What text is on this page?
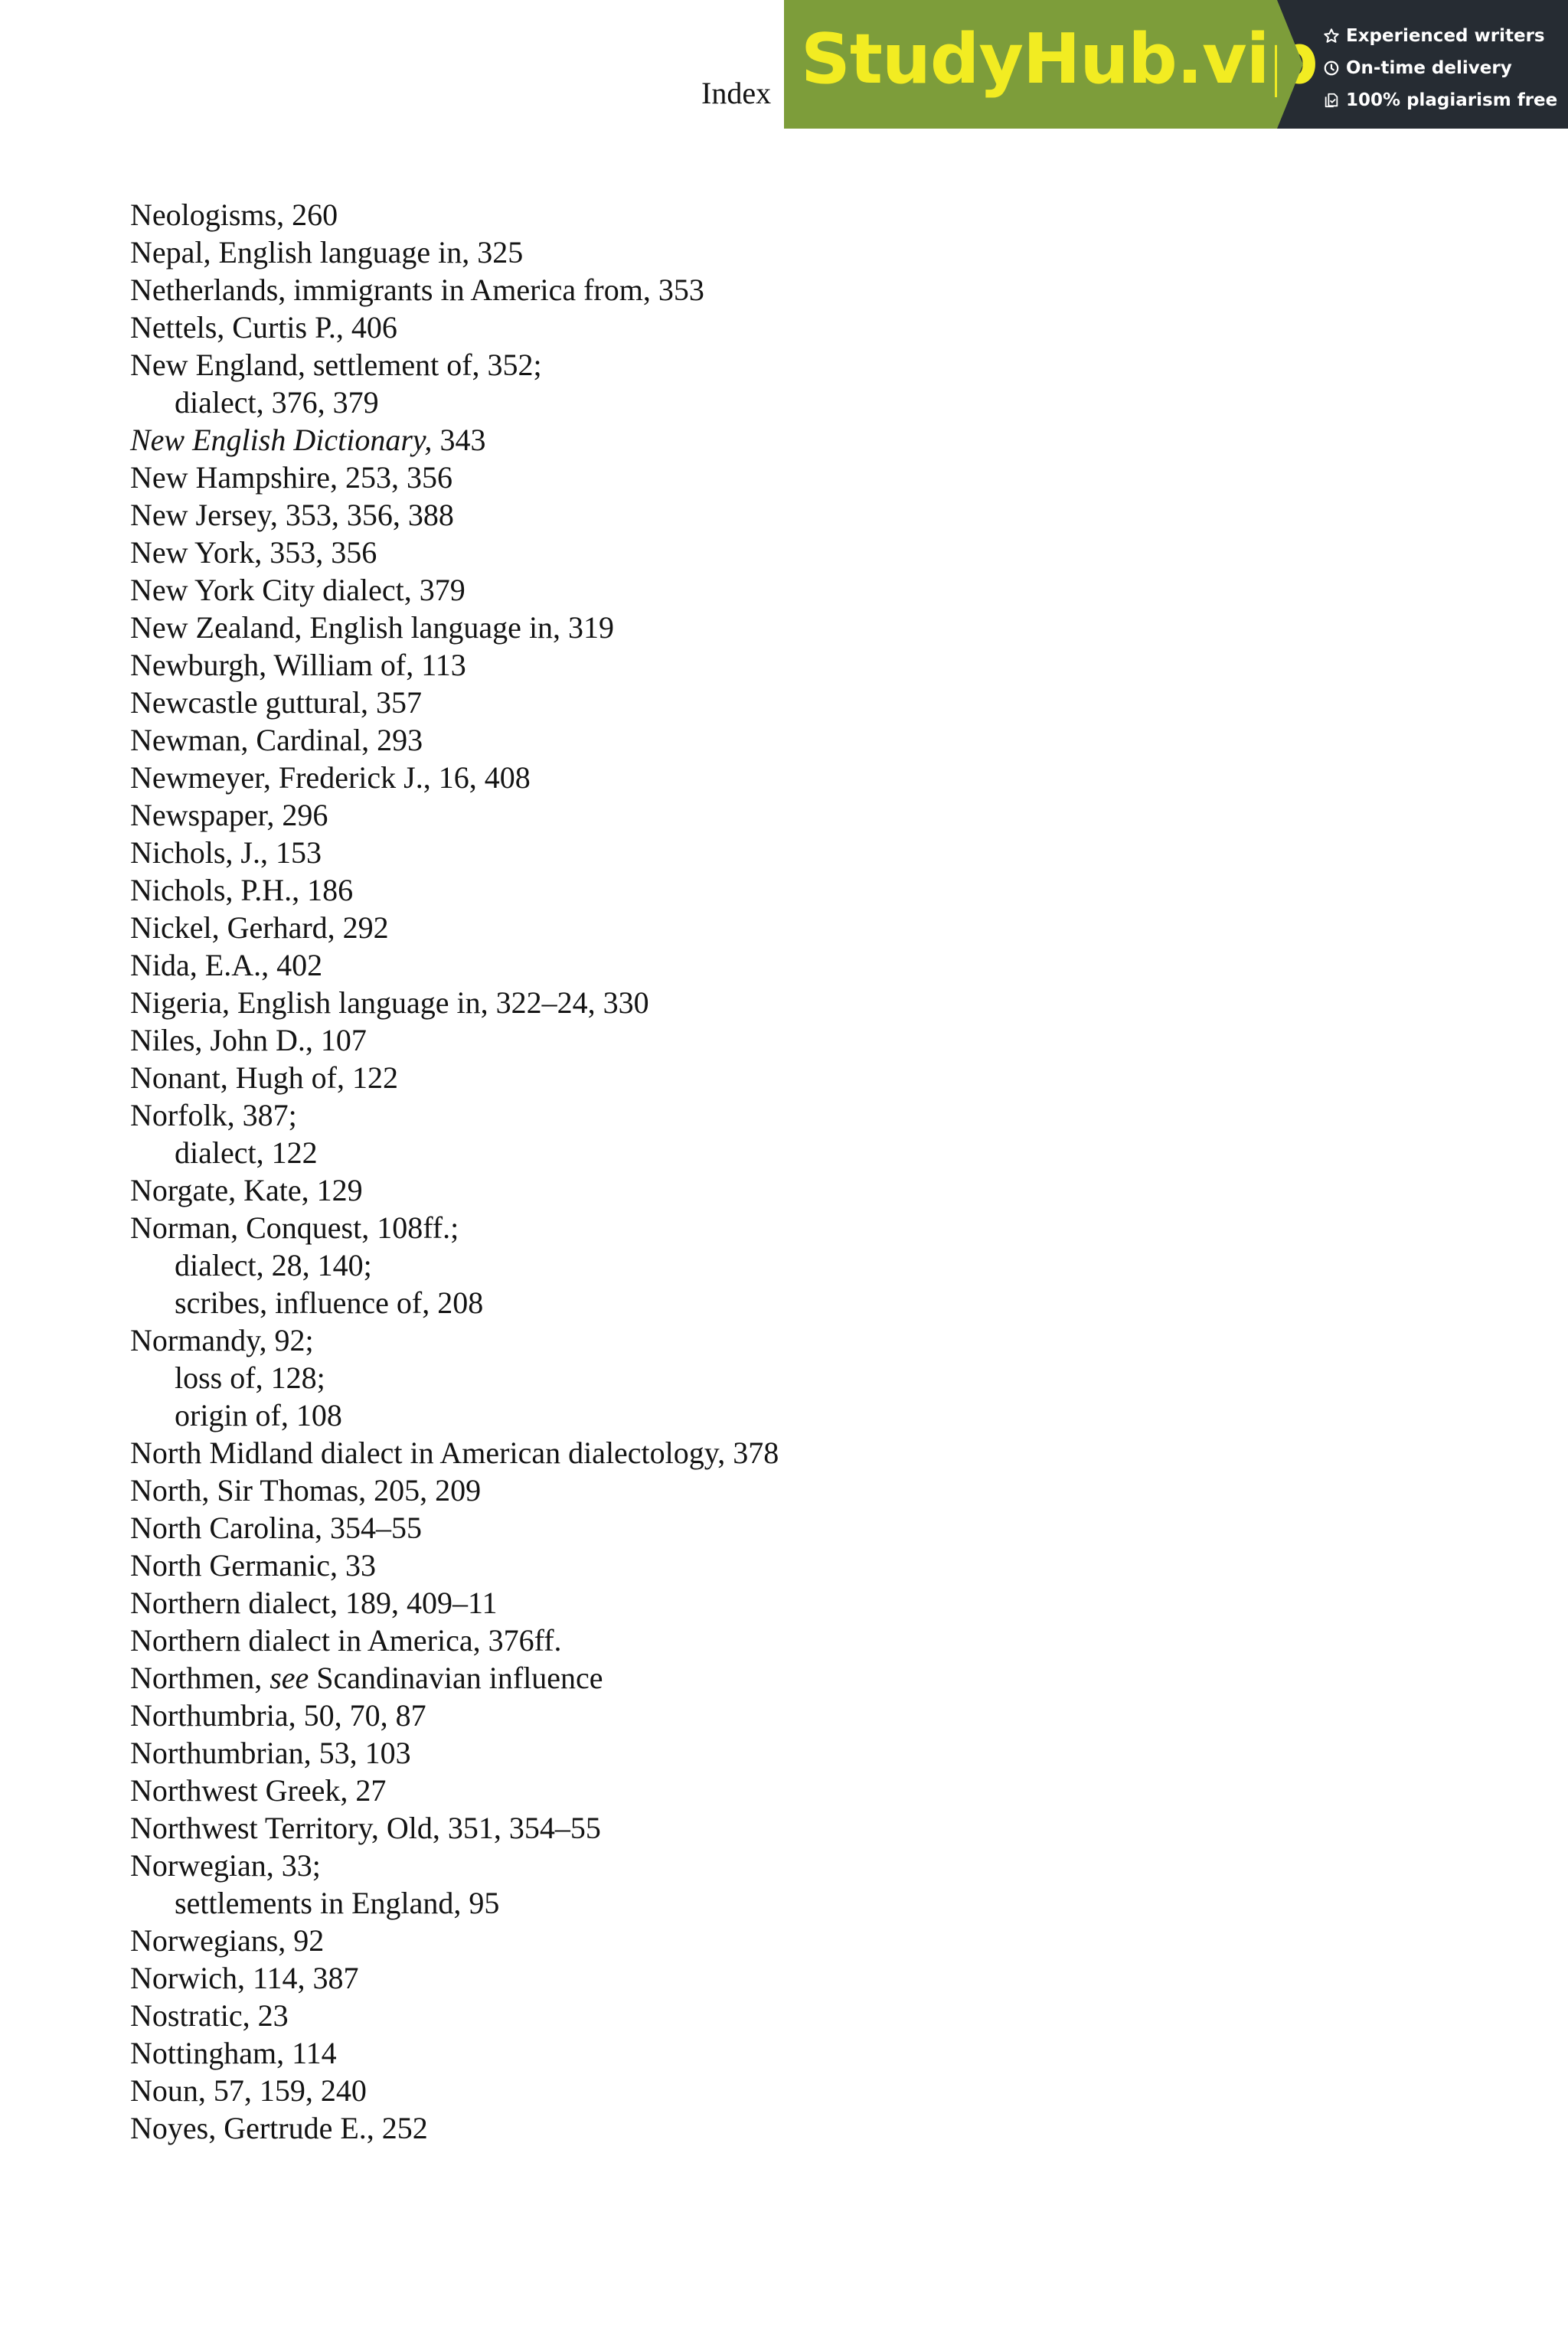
Index StudyHub.vip Experienced writers
On-time delivery
100% plagiarism free
Neologisms, 260
Nepal, English language in, 325
Netherlands, immigrants in America from, 353
Nettels, Curtis P., 406
New England, settlement of, 352;
dialect, 376, 379
New English Dictionary, 343
New Hampshire, 253, 356
New Jersey, 353, 356, 388
New York, 353, 356
New York City dialect, 379
New Zealand, English language in, 319
Newburgh, William of, 113
Newcastle guttural, 357
Newman, Cardinal, 293
Newmeyer, Frederick J., 16, 408
Newspaper, 296
Nichols, J., 153
Nichols, P.H., 186
Nickel, Gerhard, 292
Nida, E.A., 402
Nigeria, English language in, 322–24, 330
Niles, John D., 107
Nonant, Hugh of, 122
Norfolk, 387;
dialect, 122
Norgate, Kate, 129
Norman, Conquest, 108ff.;
dialect, 28, 140;
scribes, influence of, 208
Normandy, 92;
loss of, 128;
origin of, 108
North Midland dialect in American dialectology, 378
North, Sir Thomas, 205, 209
North Carolina, 354–55
North Germanic, 33
Northern dialect, 189, 409–11
Northern dialect in America, 376ff.
Northmen, see Scandinavian influence
Northumbria, 50, 70, 87
Northumbrian, 53, 103
Northwest Greek, 27
Northwest Territory, Old, 351, 354–55
Norwegian, 33;
settlements in England, 95
Norwegians, 92
Norwich, 114, 387
Nostratic, 23
Nottingham, 114
Noun, 57, 159, 240
Noyes, Gertrude E., 252
